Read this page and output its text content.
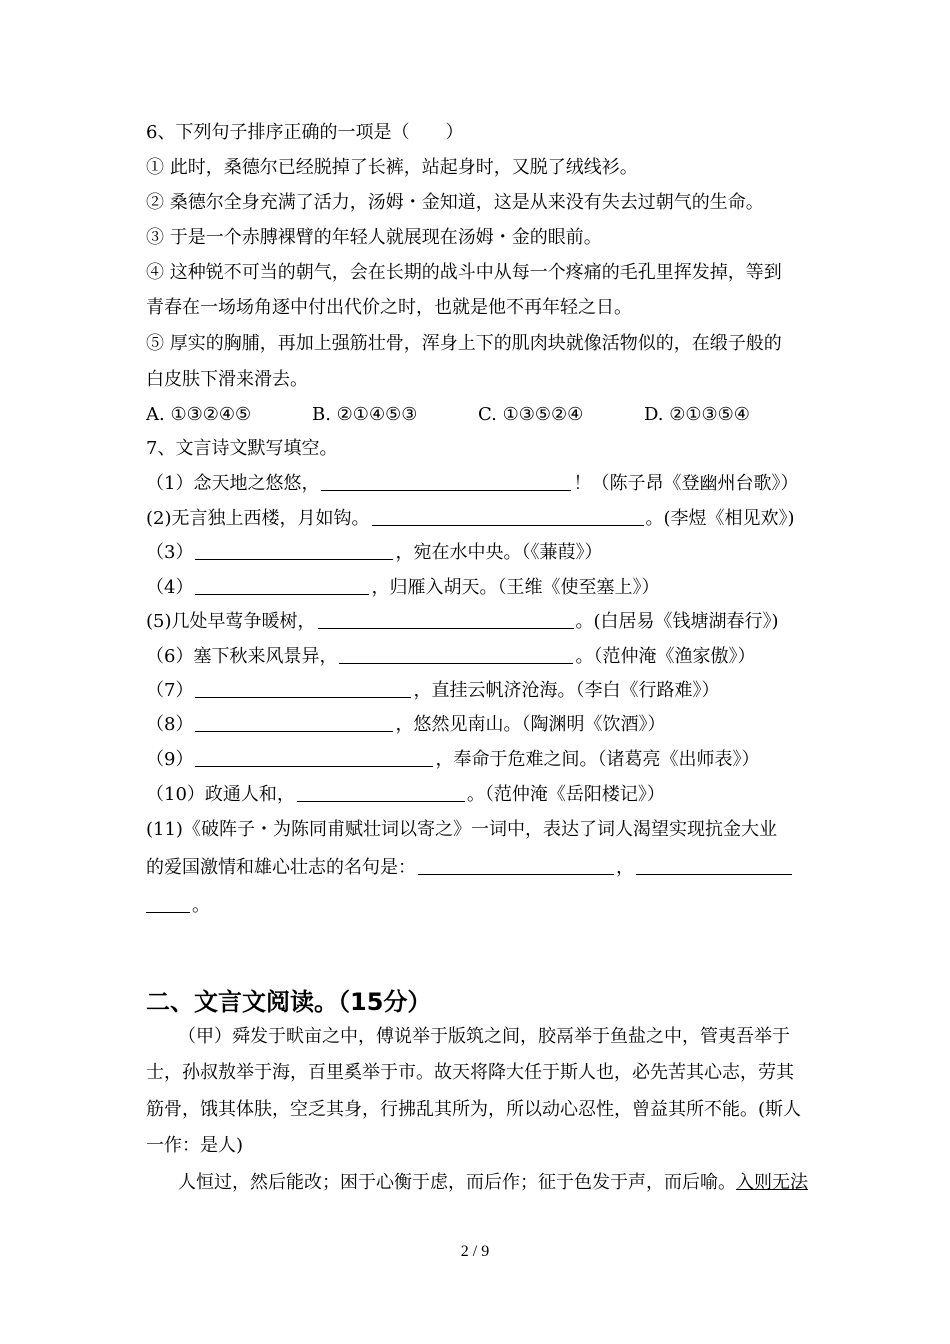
6、下列句子排序正确的一项是（　　）
① 此时，桑德尔已经脱掉了长裤，站起身时，又脱了绒线衫。
② 桑德尔全身充满了活力，汤姆・金知道，这是从来没有失去过朝气的生命。
③ 于是一个赤膊裸臂的年轻人就展现在汤姆・金的眼前。
④ 这种锐不可当的朝气，会在长期的战斗中从每一个疼痛的毛孔里挥发掉，等到
青春在一场场角逐中付出代价之时，也就是他不再年轻之日。
⑤ 厚实的胸脯，再加上强筋壮骨，浑身上下的肌肉块就像活物似的，在缎子般的
白皮肤下滑来滑去。
A. ①③②④⑤	B. ②①④⑤③	C. ①③⑤②④	D. ②①③⑤④
7、文言诗文默写填空。
（1）念天地之悠悠，	！（陈子昂《登幽州台歌》）
(2)无言独上西楼，月如钩。	。(李煜《相见欢》)
（3）	，宛在水中央。（《蒹葭》）
（4）	，归雁入胡天。（王维《使至塞上》）
(5)几处早莺争暖树，	。(白居易《钱塘湖春行》)
（6）塞下秋来风景异，	。（范仲淹《渔家傲》）
（7）	，直挂云帆济沧海。（李白《行路难》）
（8）	，悠然见南山。（陶渊明《饮酒》）
（9）	，奉命于危难之间。（诸葛亮《出师表》）
（10）政通人和，	。（范仲淹《岳阳楼记》）
(11)《破阵子・为陈同甫赋壮词以寄之》一词中，表达了词人渴望实现抗金大业
的爱国激情和雄心壮志的名句是：	，
。
二、文言文阅读。（15分）
（甲）舜发于畎亩之中，傅说举于版筑之间，胶鬲举于鱼盐之中，管夷吾举于
士，孙叔敖举于海，百里奚举于市。故天将降大任于斯人也，必先苦其心志，劳其
筋骨，饿其体肤，空乏其身，行拂乱其所为，所以动心忍性，曾益其所不能。(斯人
一作：是人)
人恒过，然后能改；困于心衡于虑，而后作；征于色发于声，而后喻。入则无法
2 / 9
